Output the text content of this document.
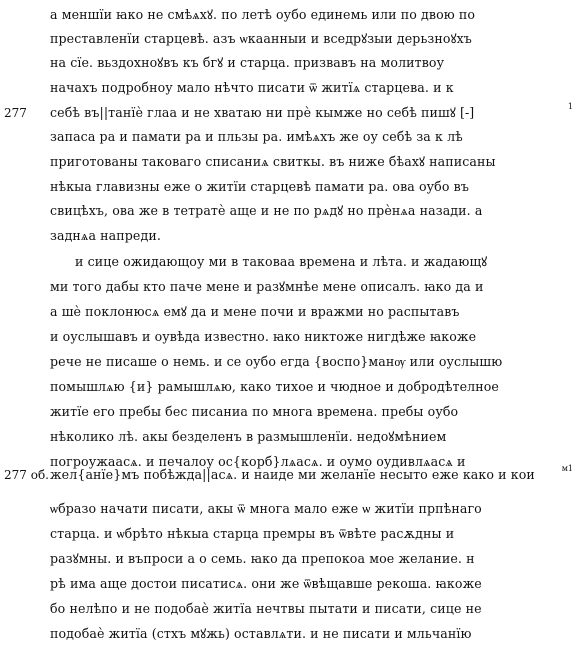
277
277 об.
1
м1
а меншїи ꙗко не смѣѧхꙋ. по летѣ оубо единемь или по двою по
преставленїи старцевѣ. азъ ѡкаанныи и вседрꙋзыи дерьзноꙋхъ
на сїе. вьздохноꙋвъ къ бгꙋ и старца. призвавъ на молитвоу
начахъ подробноу мало нѣчто писати ѿ житїѧ старцева. и к
себѣ въ||танїѐ глаа и не хватаю ни прѐ кымже но себѣ пишꙋ [-]
запаса ра и памати ра и пльзы ра. имѣѧхъ же оу себѣ за к лѣ
приготованы таковаго списаниѧ свиткы. въ ниже бѣахꙋ написаны
нѣкыа главизны еже о житїи старцевѣ памати ра. ова оубо въ
свицѣхъ, ова же в тетратѐ аще и не по рѧдꙋ но прѐнѧа назади. а
заднѧа напреди.
и сице ожидающоу ми в таковаа времена и лѣта. и жадающꙋ
ми того дабы кто паче мене и разꙋмнѣе мене описалъ. ꙗко да и
а шѐ поклонюсѧ емꙋ да и мене почи и вражми но распытавъ
и оуслышавъ и оувѣда известно. ꙗко никтоже нигдѣже ꙗкоже
рече не писаше о немь. и се оубо егда {воспо}манѹ или оуслышю
помышлѧю {и} рамышлѧю, како тихое и чюдное и добродѣтелное
житїе его пребы бес писаниа по многа времена. пребы оубо
нѣколико лѣ. акы безделенъ в размышленїи. недоꙋмѣнием
погроужаасѧ. и печалоу ос{корб}лѧасѧ. и оумо оудивлѧасѧ и
жел{анїе}мъ побѣжда||асѧ. и наиде ми желанїе несыто еже како и кои
ѡбразо начати писати, акы ѿ многа мало еже ѡ житїи прпѣнаго
старца. и ѡбрѣто нѣкыа старца премры въ ѿвѣте расѫдны и
разꙋмны. и въпроси а о семь. ꙗко да препокоа мое желание. н
рѣ има аще достои писатисѧ. они же ѿвѣщавше рекоша. ꙗкоже
бо нелѣпо и не подобаѐ житїа нечтвы пытати и писати, сице не
подобаѐ житїа (стхъ мꙋжь) оставлѧти. и не писати и мльчанїю
